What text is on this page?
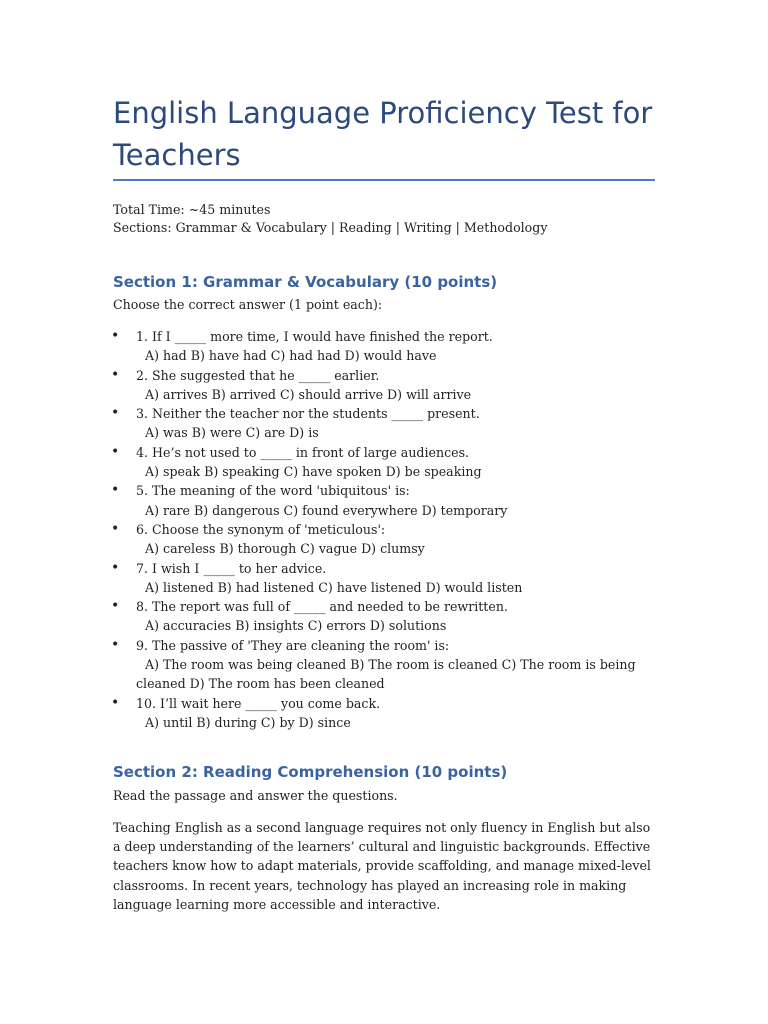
English Language Proficiency Test for Teachers
Total Time: ~45 minutes
Sections: Grammar & Vocabulary | Reading | Writing | Methodology
Section 1: Grammar & Vocabulary (10 points)
Choose the correct answer (1 point each):
• 1. If I _____ more time, I would have finished the report.
A) had B) have had C) had had D) would have
• 2. She suggested that he _____ earlier.
A) arrives B) arrived C) should arrive D) will arrive
• 3. Neither the teacher nor the students _____ present.
A) was B) were C) are D) is
• 4. He’s not used to _____ in front of large audiences.
A) speak B) speaking C) have spoken D) be speaking
• 5. The meaning of the word 'ubiquitous' is:
A) rare B) dangerous C) found everywhere D) temporary
• 6. Choose the synonym of 'meticulous':
A) careless B) thorough C) vague D) clumsy
• 7. I wish I _____ to her advice.
A) listened B) had listened C) have listened D) would listen
• 8. The report was full of _____ and needed to be rewritten.
A) accuracies B) insights C) errors D) solutions
• 9. The passive of 'They are cleaning the room' is:
A) The room was being cleaned B) The room is cleaned C) The room is being cleaned D) The room has been cleaned
• 10. I’ll wait here _____ you come back.
A) until B) during C) by D) since
Section 2: Reading Comprehension (10 points)
Read the passage and answer the questions.

Teaching English as a second language requires not only fluency in English but also a deep understanding of the learners’ cultural and linguistic backgrounds. Effective teachers know how to adapt materials, provide scaffolding, and manage mixed-level classrooms. In recent years, technology has played an increasing role in making language learning more accessible and interactive.
